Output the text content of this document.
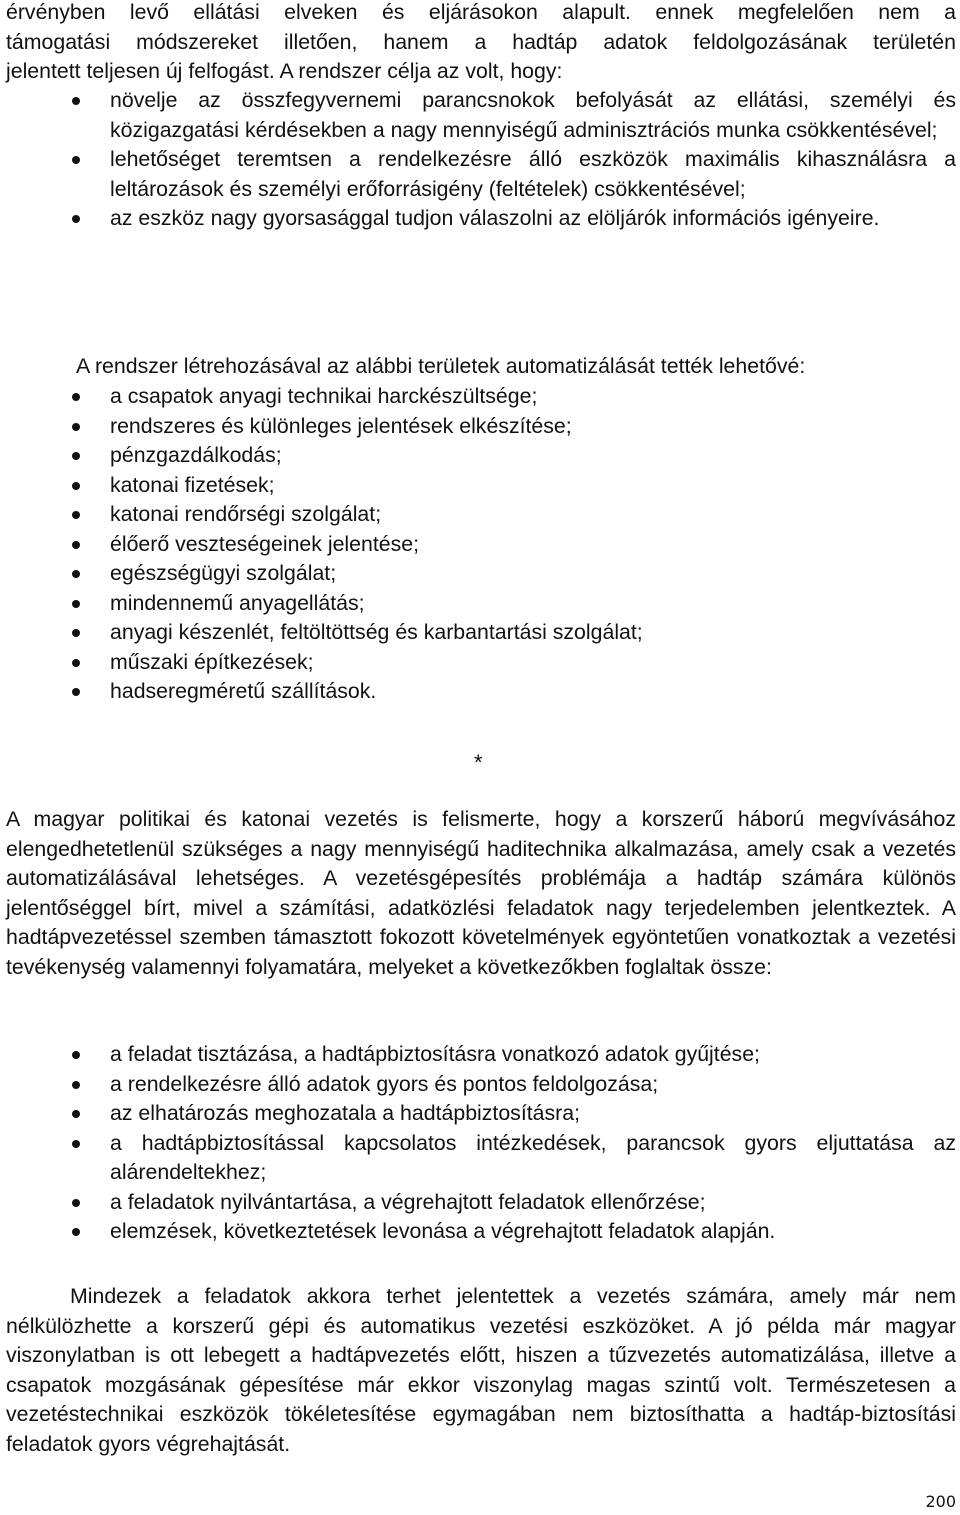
érvényben levő ellátási elveken és eljárásokon alapult. ennek megfelelően nem a

támogatási módszereket illetően, hanem a hadtáp adatok feldolgozásának területén

jelentett teljesen új felfogást. A rendszer célja az volt, hogy:

növelje az összfegyvernemi parancsnokok befolyását az ellátási, személyi és közigazgatási kérdésekben a nagy mennyiségű adminisztrációs munka csökkentésével;
lehetőséget teremtsen a rendelkezésre álló eszközök maximális kihasználásra a leltározások és személyi erőforrásigény (feltételek) csökkentésével;
az eszköz nagy gyorsasággal tudjon válaszolni az elöljárók információs igényeire.

A rendszer létrehozásával az alábbi területek automatizálását tették lehetővé:

a csapatok anyagi technikai harckészültsége;
rendszeres és különleges jelentések elkészítése;
pénzgazdálkodás;
katonai fizetések;
katonai rendőrségi szolgálat;
élőerő veszteségeinek jelentése;
egészségügyi szolgálat;
mindennemű anyagellátás;
anyagi készenlét, feltöltöttség és karbantartási szolgálat;
műszaki építkezések;
hadseregméretű szállítások.
*

A magyar politikai és katonai vezetés is felismerte, hogy a korszerű háború megvívásához elengedhetetlenül szükséges a nagy mennyiségű haditechnika alkalmazása, amely csak a vezetés automatizálásával lehetséges. A vezetésgépesítés problémája a hadtáp számára különös jelentőséggel bírt, mivel a számítási, adatközlési feladatok nagy terjedelemben jelentkeztek. A hadtápvezetéssel szemben támasztott fokozott követelmények egyöntetűen vonatkoztak a vezetési tevékenység valamennyi folyamatára, melyeket a következőkben foglaltak össze:

a feladat tisztázása, a hadtápbiztosításra vonatkozó adatok gyűjtése;
a rendelkezésre álló adatok gyors és pontos feldolgozása;
az elhatározás meghozatala a hadtápbiztosításra;
a hadtápbiztosítással kapcsolatos intézkedések, parancsok gyors eljuttatása az alárendeltekhez;
a feladatok nyilvántartása, a végrehajtott feladatok ellenőrzése;
elemzések, következtetések levonása a végrehajtott feladatok alapján.

Mindezek a feladatok akkora terhet jelentettek a vezetés számára, amely már nem nélkülözhette a korszerű gépi és automatikus vezetési eszközöket. A jó példa már magyar viszonylatban is ott lebegett a hadtápvezetés előtt, hiszen a tűzvezetés automatizálása, illetve a csapatok mozgásának gépesítése már ekkor viszonylag magas szintű volt. Természetesen a vezetéstechnikai eszközök tökéletesítése egymagában nem biztosíthatta a hadtáp-biztosítási feladatok gyors végrehajtását.

200
